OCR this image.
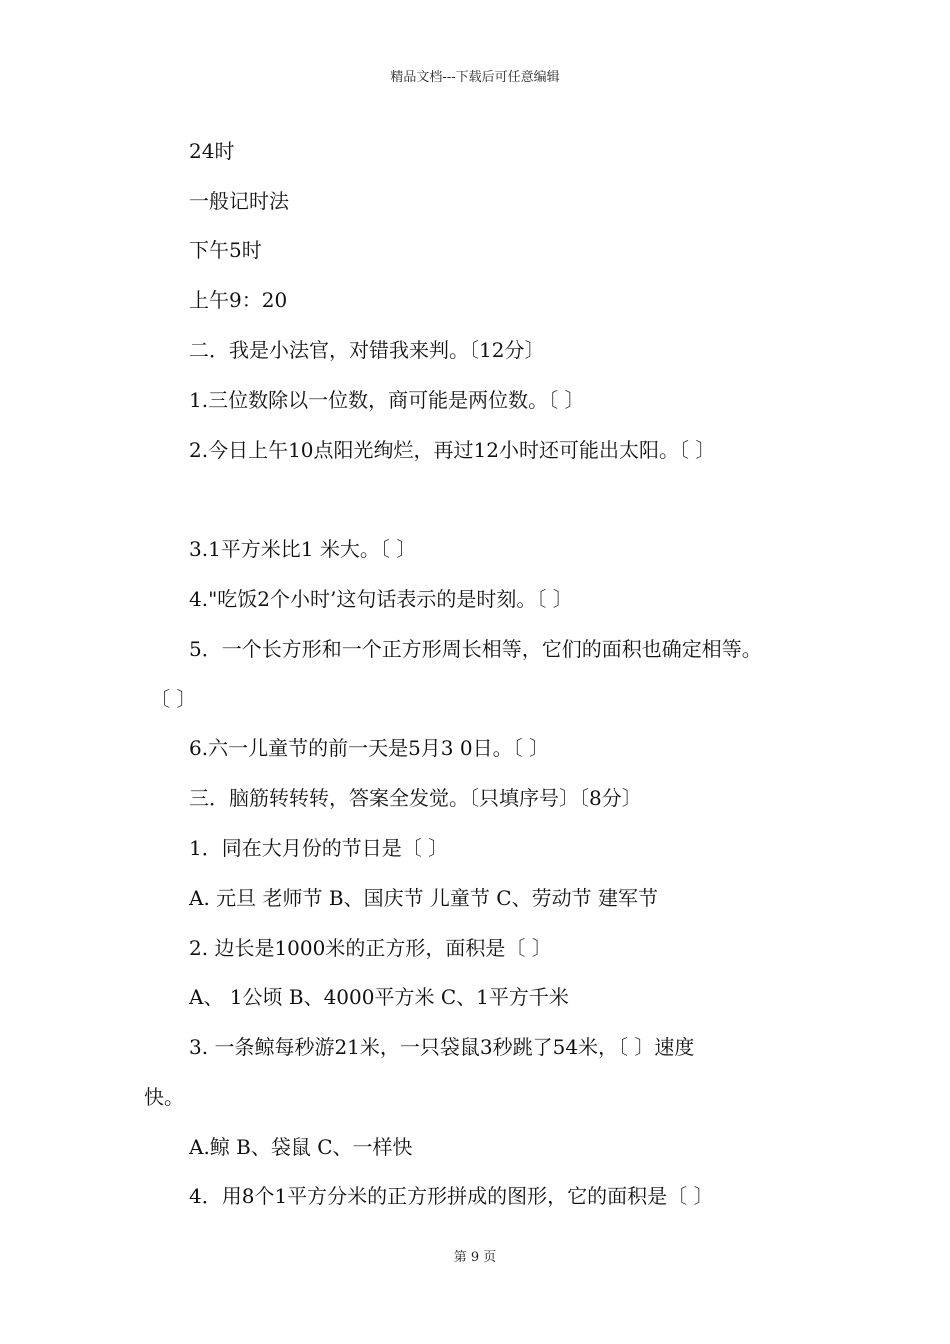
精品文档---下载后可任意编辑
24时
一般记时法
下午5时
上午9：20
二．我是小法官，对错我来判。〔12分〕
1.三位数除以一位数，商可能是两位数。〔 〕
2.今日上午10点阳光绚烂，再过12小时还可能出太阳。〔 〕
3.1平方米比1 米大。〔 〕
4."吃饭2个小时’这句话表示的是时刻。〔 〕
5．一个长方形和一个正方形周长相等，它们的面积也确定相等。
〔 〕
6.六一儿童节的前一天是5月3 0日。〔 〕
三．脑筋转转转，答案全发觉。〔只填序号〕〔8分〕
1．同在大月份的节日是〔 〕
A. 元旦 老师节 B、国庆节 儿童节 C、劳动节 建军节
2. 边长是1000米的正方形，面积是〔 〕
A、 1公顷 B、4000平方米 C、1平方千米
3. 一条鲸每秒游21米，一只袋鼠3秒跳了54米，〔 〕速度
快。
A.鲸 B、袋鼠 C、一样快
4．用8个1平方分米的正方形拼成的图形，它的面积是〔 〕
第 9 页
